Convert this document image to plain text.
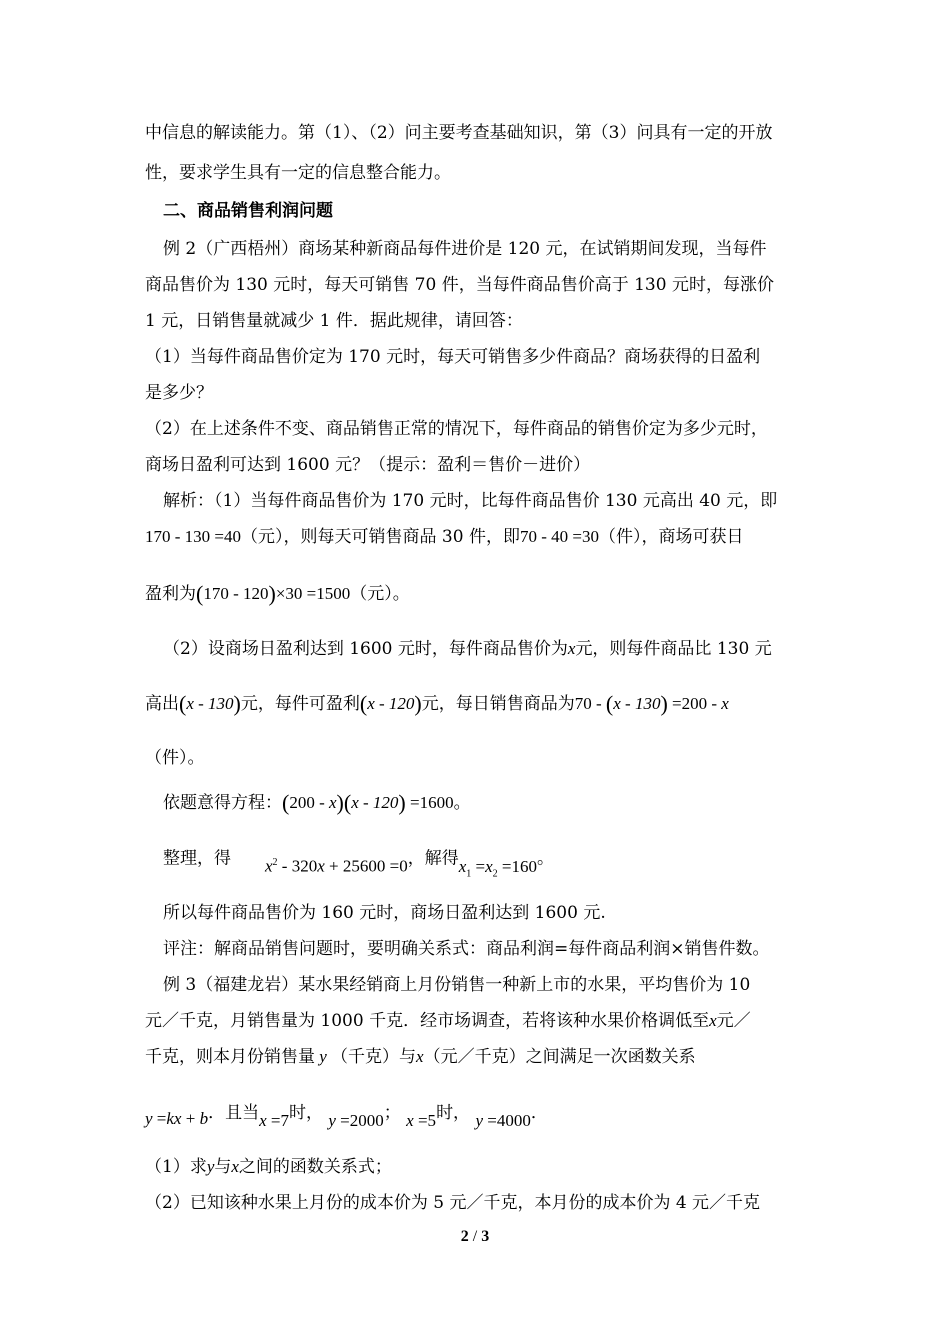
中信息的解读能力。第（1）、（2）问主要考查基础知识，第（3）问具有一定的开放
性，要求学生具有一定的信息整合能力。
二、商品销售利润问题
例 2（广西梧州）商场某种新商品每件进价是 120 元，在试销期间发现，当每件
商品售价为 130 元时，每天可销售 70 件，当每件商品售价高于 130 元时，每涨价
1 元，日销售量就减少 1 件．据此规律，请回答：
（1）当每件商品售价定为 170 元时，每天可销售多少件商品？商场获得的日盈利
是多少？
（2）在上述条件不变、商品销售正常的情况下，每件商品的销售价定为多少元时，
商场日盈利可达到 1600 元？（提示：盈利＝售价－进价）
解析：（1）当每件商品售价为 170 元时，比每件商品售价 130 元高出 40 元，即
170 - 130 =40（元），则每天可销售商品 30 件，即70 - 40 =30（件），商场可获日
盈利为(170 - 120)×30 =1500（元）。
（2）设商场日盈利达到 1600 元时，每件商品售价为x元，则每件商品比 130 元
高出(x - 130)元，每件可盈利(x - 120)元，每日销售商品为70 - (x - 130) =200 - x
（件）。
依题意得方程：(200 - x)(x - 120) =1600。
整理，得 $x^2 - 320x + 25600 =0$，解得$x_1 =x_2 =160$。
所以每件商品售价为 160 元时，商场日盈利达到 1600 元.
评注：解商品销售问题时，要明确关系式：商品利润=每件商品利润×销售件数。
例 3（福建龙岩）某水果经销商上月份销售一种新上市的水果，平均售价为 10
元／千克，月销售量为 1000 千克．经市场调查，若将该种水果价格调低至x元／
千克，则本月份销售量 y （千克）与x（元／千克）之间满足一次函数关系
y =kx + b．且当x =7时， y =2000； x =5时， y =4000．
（1）求y与x之间的函数关系式；
（2）已知该种水果上月份的成本价为 5 元／千克，本月份的成本价为 4 元／千克
2 / 3
